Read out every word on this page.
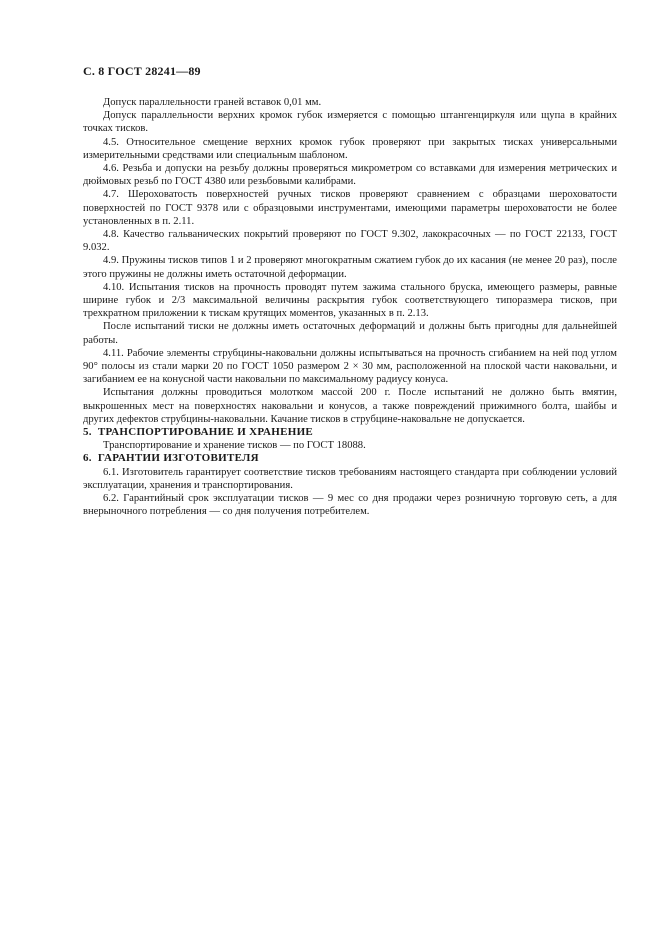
С. 8 ГОСТ 28241—89

Допуск параллельности граней вставок 0,01 мм.

Допуск параллельности верхних кромок губок измеряется с помощью штангенциркуля или щупа в крайних точках тисков.

4.5. Относительное смещение верхних кромок губок проверяют при закрытых тисках универсальными измерительными средствами или специальным шаблоном.

4.6. Резьба и допуски на резьбу должны проверяться микрометром со вставками для измерения метрических и дюймовых резьб по ГОСТ 4380 или резьбовыми калибрами.

4.7. Шероховатость поверхностей ручных тисков проверяют сравнением с образцами шероховатости поверхностей по ГОСТ 9378 или с образцовыми инструментами, имеющими параметры шероховатости не более установленных в п. 2.11.

4.8. Качество гальванических покрытий проверяют по ГОСТ 9.302, лакокрасочных — по ГОСТ 22133, ГОСТ 9.032.

4.9. Пружины тисков типов 1 и 2 проверяют многократным сжатием губок до их касания (не менее 20 раз), после этого пружины не должны иметь остаточной деформации.

4.10. Испытания тисков на прочность проводят путем зажима стального бруска, имеющего размеры, равные ширине губок и 2/3 максимальной величины раскрытия губок соответствующего типоразмера тисков, при трехкратном приложении к тискам крутящих моментов, указанных в п. 2.13.

После испытаний тиски не должны иметь остаточных деформаций и должны быть пригодны для дальнейшей работы.

4.11. Рабочие элементы струбцины-наковальни должны испытываться на прочность сгибанием на ней под углом 90° полосы из стали марки 20 по ГОСТ 1050 размером 2 × 30 мм, расположенной на плоской части наковальни, и загибанием ее на конусной части наковальни по максимальному радиусу конуса.

Испытания должны проводиться молотком массой 200 г. После испытаний не должно быть вмятин, выкрошенных мест на поверхностях наковальни и конусов, а также повреждений прижимного болта, шайбы и других дефектов струбцины-наковальни. Качание тисков в струбцине-наковальне не допускается.

5. ТРАНСПОРТИРОВАНИЕ И ХРАНЕНИЕ

Транспортирование и хранение тисков — по ГОСТ 18088.

6. ГАРАНТИИ ИЗГОТОВИТЕЛЯ

6.1. Изготовитель гарантирует соответствие тисков требованиям настоящего стандарта при соблюдении условий эксплуатации, хранения и транспортирования.

6.2. Гарантийный срок эксплуатации тисков — 9 мес со дня продажи через розничную торговую сеть, а для внерыночного потребления — со дня получения потребителем.
